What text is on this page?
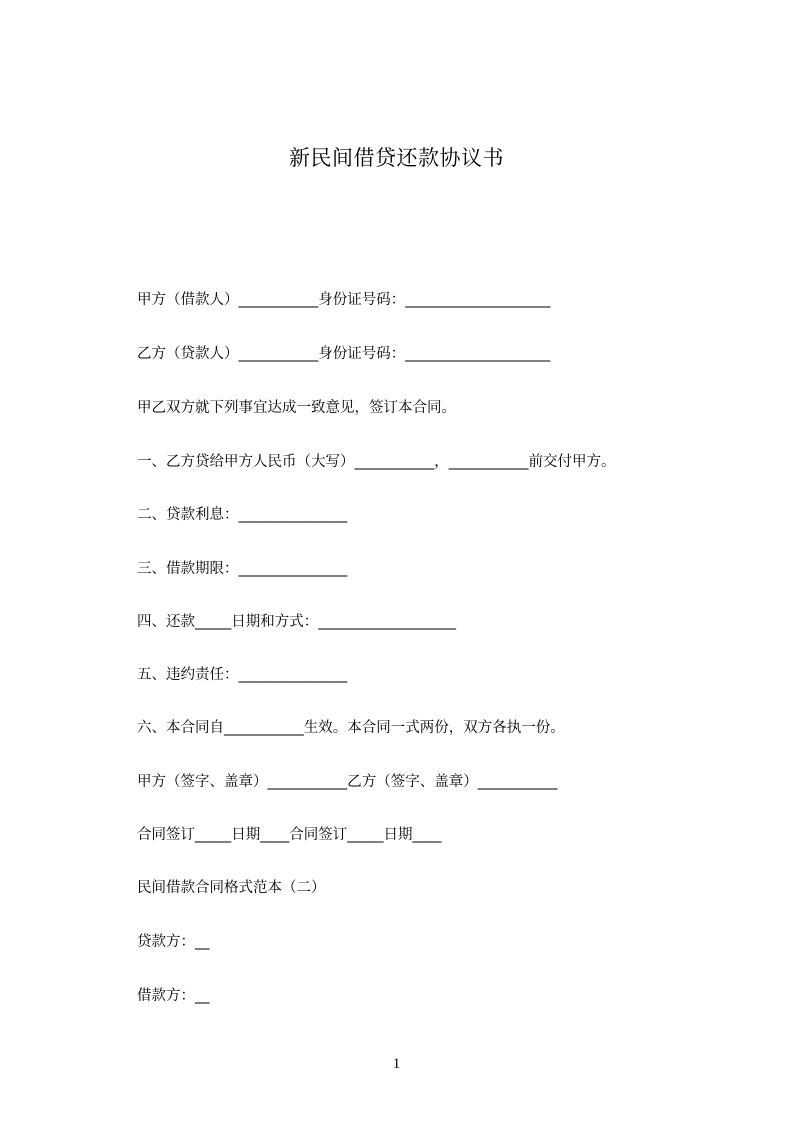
新民间借贷还款协议书
甲方（借款人）___________身份证号码：____________________
乙方（贷款人）___________身份证号码：____________________
甲乙双方就下列事宜达成一致意见，签订本合同。
一、乙方贷给甲方人民币（大写）___________，___________前交付甲方。
二、贷款利息：_______________
三、借款期限：_______________
四、还款_____日期和方式：___________________
五、违约责任：_______________
六、本合同自___________生效。本合同一式两份，双方各执一份。
甲方（签字、盖章）___________乙方（签字、盖章）___________
合同签订_____日期____合同签订_____日期____
民间借款合同格式范本（二）
贷款方：__
借款方：__
1
